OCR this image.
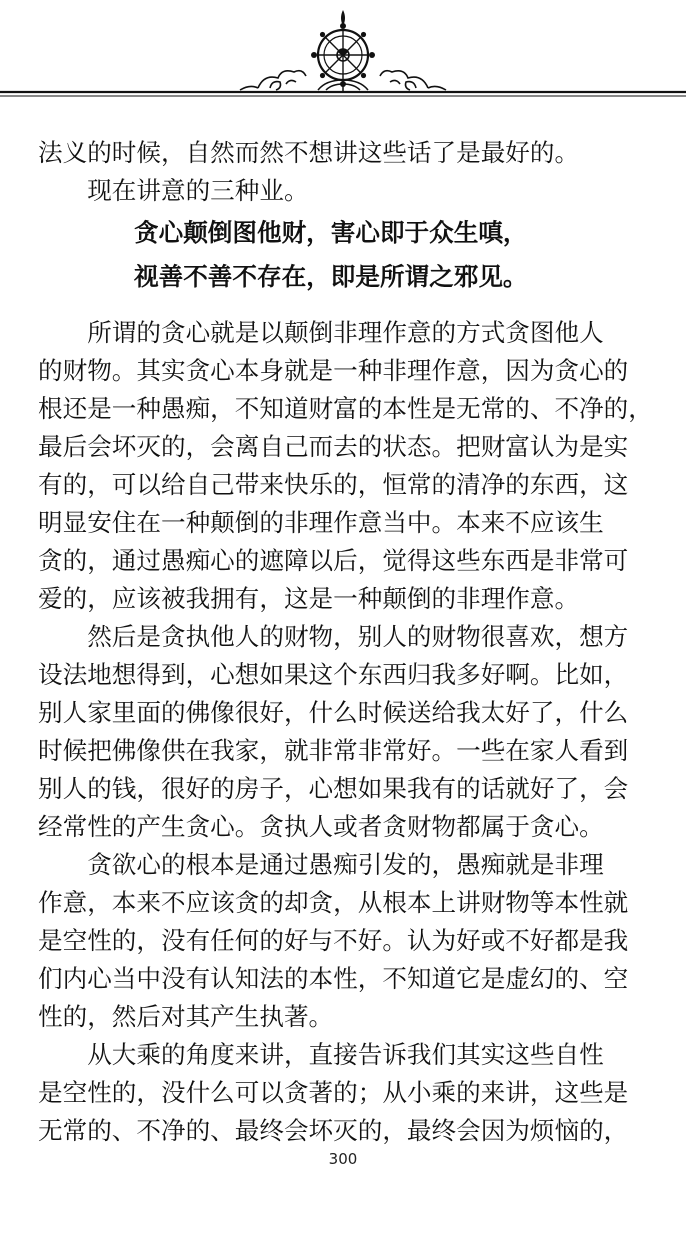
法义的时候，自然而然不想讲这些话了是最好的。
　　现在讲意的三种业。
贪心颠倒图他财，害心即于众生嗔，
视善不善不存在，即是所谓之邪见。
　　所谓的贪心就是以颠倒非理作意的方式贪图他人
的财物。其实贪心本身就是一种非理作意，因为贪心的
根还是一种愚痴，不知道财富的本性是无常的、不净的，
最后会坏灭的，会离自己而去的状态。把财富认为是实
有的，可以给自己带来快乐的，恒常的清净的东西，这
明显安住在一种颠倒的非理作意当中。本来不应该生
贪的，通过愚痴心的遮障以后，觉得这些东西是非常可
爱的，应该被我拥有，这是一种颠倒的非理作意。
　　然后是贪执他人的财物，别人的财物很喜欢，想方
设法地想得到，心想如果这个东西归我多好啊。比如，
别人家里面的佛像很好，什么时候送给我太好了，什么
时候把佛像供在我家，就非常非常好。一些在家人看到
别人的钱，很好的房子，心想如果我有的话就好了，会
经常性的产生贪心。贪执人或者贪财物都属于贪心。
　　贪欲心的根本是通过愚痴引发的，愚痴就是非理
作意，本来不应该贪的却贪，从根本上讲财物等本性就
是空性的，没有任何的好与不好。认为好或不好都是我
们内心当中没有认知法的本性，不知道它是虚幻的、空
性的，然后对其产生执著。
　　从大乘的角度来讲，直接告诉我们其实这些自性
是空性的，没什么可以贪著的；从小乘的来讲，这些是
无常的、不净的、最终会坏灭的，最终会因为烦恼的，
300
